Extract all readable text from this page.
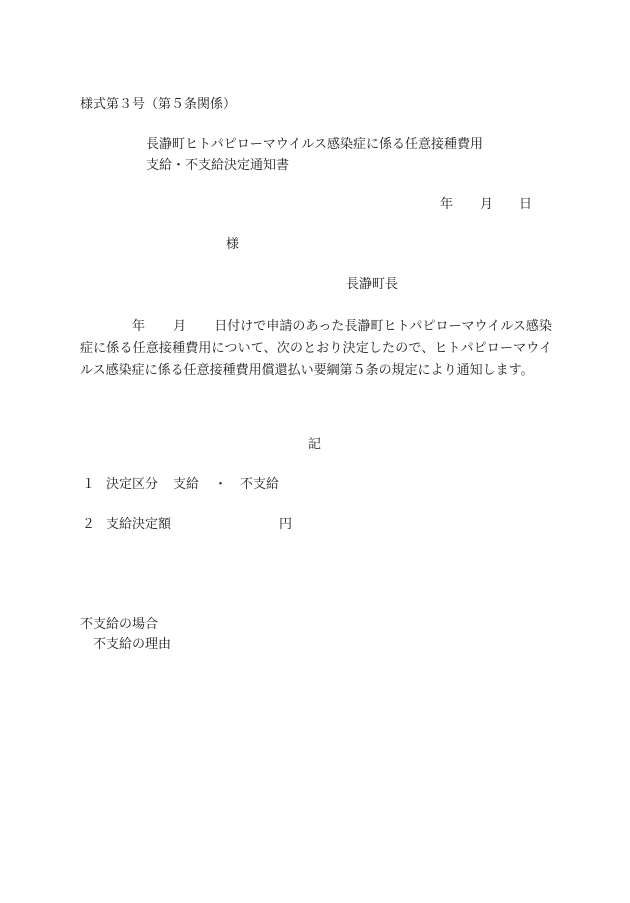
様式第３号（第５条関係）
長瀞町ヒトパピローマウイルス感染症に係る任意接種費用
支給・不支給決定通知書
年 月 日
様
長瀞町長
年 月 日付けで申請のあった長瀞町ヒトパピローマウイルス感染症に係る任意接種費用について、次のとおり決定したので、ヒトパピローマウイルス感染症に係る任意接種費用償還払い要綱第５条の規定により通知します。
記
１ 決定区分 支給 ・ 不支給
２ 支給決定額	円
不支給の場合
不支給の理由
